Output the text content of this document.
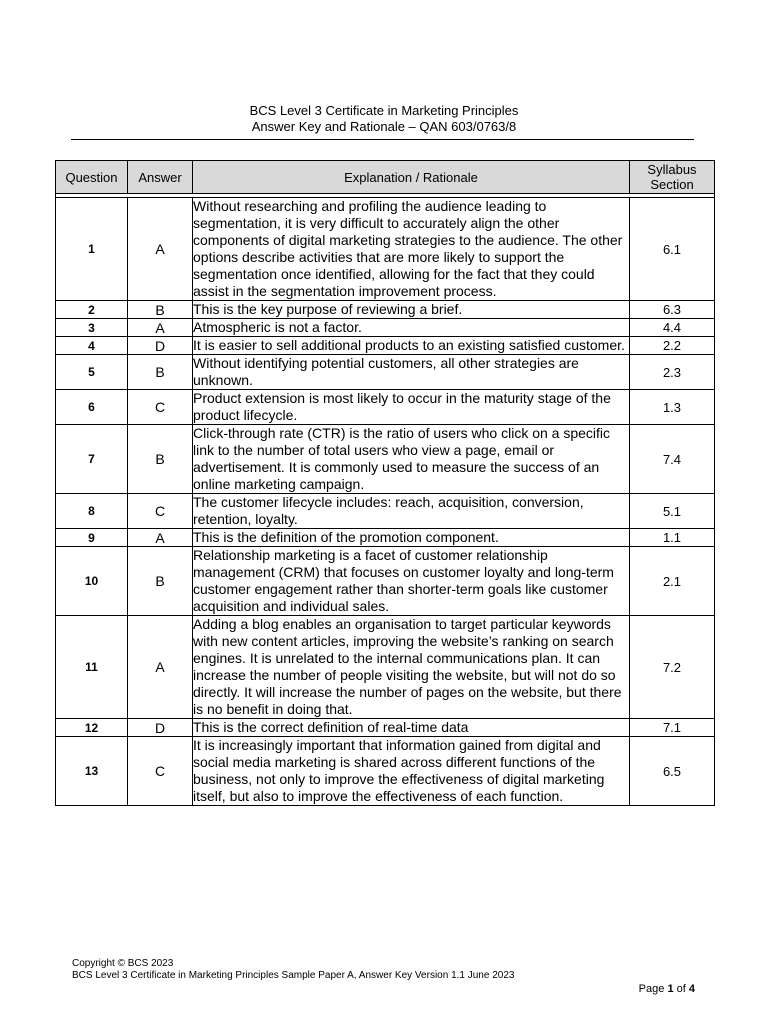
BCS Level 3 Certificate in Marketing Principles
Answer Key and Rationale – QAN 603/0763/8
Question	Answer	Explanation / Rationale	Syllabus
Section

1	A	Without researching and profiling the audience leading to segmentation, it is very difficult to accurately align the other components of digital marketing strategies to the audience. The other options describe activities that are more likely to support the segmentation once identified, allowing for the fact that they could assist in the segmentation improvement process.	6.1
2	B	This is the key purpose of reviewing a brief.	6.3
3	A	Atmospheric is not a factor.	4.4
4	D	It is easier to sell additional products to an existing satisfied customer.	2.2
5	B	Without identifying potential customers, all other strategies are unknown.	2.3
6	C	Product extension is most likely to occur in the maturity stage of the product lifecycle.	1.3
7	B	Click-through rate (CTR) is the ratio of users who click on a specific link to the number of total users who view a page, email or advertisement. It is commonly used to measure the success of an online marketing campaign.	7.4
8	C	The customer lifecycle includes: reach, acquisition, conversion, retention, loyalty.	5.1
9	A	This is the definition of the promotion component.	1.1
10	B	Relationship marketing is a facet of customer relationship management (CRM) that focuses on customer loyalty and long-term customer engagement rather than shorter-term goals like customer acquisition and individual sales.	2.1
11	A	Adding a blog enables an organisation to target particular keywords with new content articles, improving the website’s ranking on search engines. It is unrelated to the internal communications plan. It can increase the number of people visiting the website, but will not do so directly. It will increase the number of pages on the website, but there is no benefit in doing that.	7.2
12	D	This is the correct definition of real-time data	7.1
13	C	It is increasingly important that information gained from digital and social media marketing is shared across different functions of the business, not only to improve the effectiveness of digital marketing itself, but also to improve the effectiveness of each function.	6.5
Copyright © BCS 2023
BCS Level 3 Certificate in Marketing Principles Sample Paper A, Answer Key Version 1.1 June 2023
Page 1 of 4
